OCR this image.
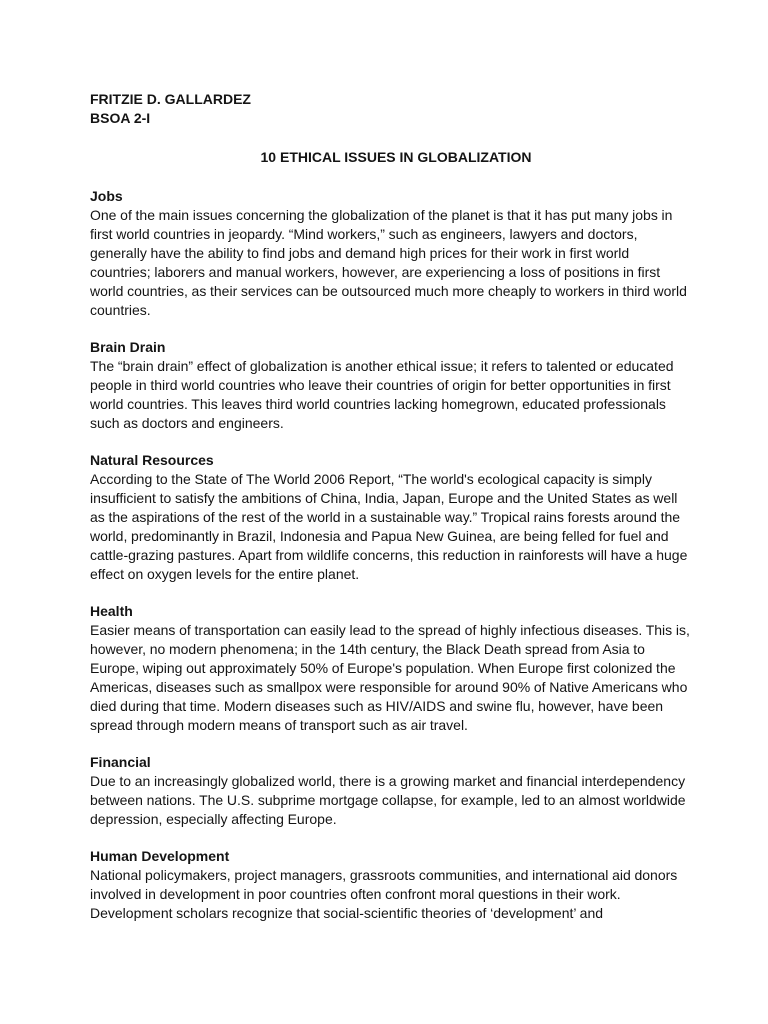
FRITZIE D. GALLARDEZ

BSOA 2-I

10 ETHICAL ISSUES IN GLOBALIZATION

Jobs

One of the main issues concerning the globalization of the planet is that it has put many jobs in first world countries in jeopardy. “Mind workers,” such as engineers, lawyers and doctors, generally have the ability to find jobs and demand high prices for their work in first world countries; laborers and manual workers, however, are experiencing a loss of positions in first world countries, as their services can be outsourced much more cheaply to workers in third world countries.

Brain Drain

The “brain drain” effect of globalization is another ethical issue; it refers to talented or educated people in third world countries who leave their countries of origin for better opportunities in first world countries. This leaves third world countries lacking homegrown, educated professionals such as doctors and engineers.

Natural Resources

According to the State of The World 2006 Report, “The world's ecological capacity is simply insufficient to satisfy the ambitions of China, India, Japan, Europe and the United States as well as the aspirations of the rest of the world in a sustainable way.” Tropical rains forests around the world, predominantly in Brazil, Indonesia and Papua New Guinea, are being felled for fuel and cattle-grazing pastures. Apart from wildlife concerns, this reduction in rainforests will have a huge effect on oxygen levels for the entire planet.

Health

Easier means of transportation can easily lead to the spread of highly infectious diseases. This is, however, no modern phenomena; in the 14th century, the Black Death spread from Asia to Europe, wiping out approximately 50% of Europe's population. When Europe first colonized the Americas, diseases such as smallpox were responsible for around 90% of Native Americans who died during that time. Modern diseases such as HIV/AIDS and swine flu, however, have been spread through modern means of transport such as air travel.

Financial

Due to an increasingly globalized world, there is a growing market and financial interdependency between nations. The U.S. subprime mortgage collapse, for example, led to an almost worldwide depression, especially affecting Europe.

Human Development

National policymakers, project managers, grassroots communities, and international aid donors involved in development in poor countries often confront moral questions in their work. Development scholars recognize that social-scientific theories of ‘development’ and
